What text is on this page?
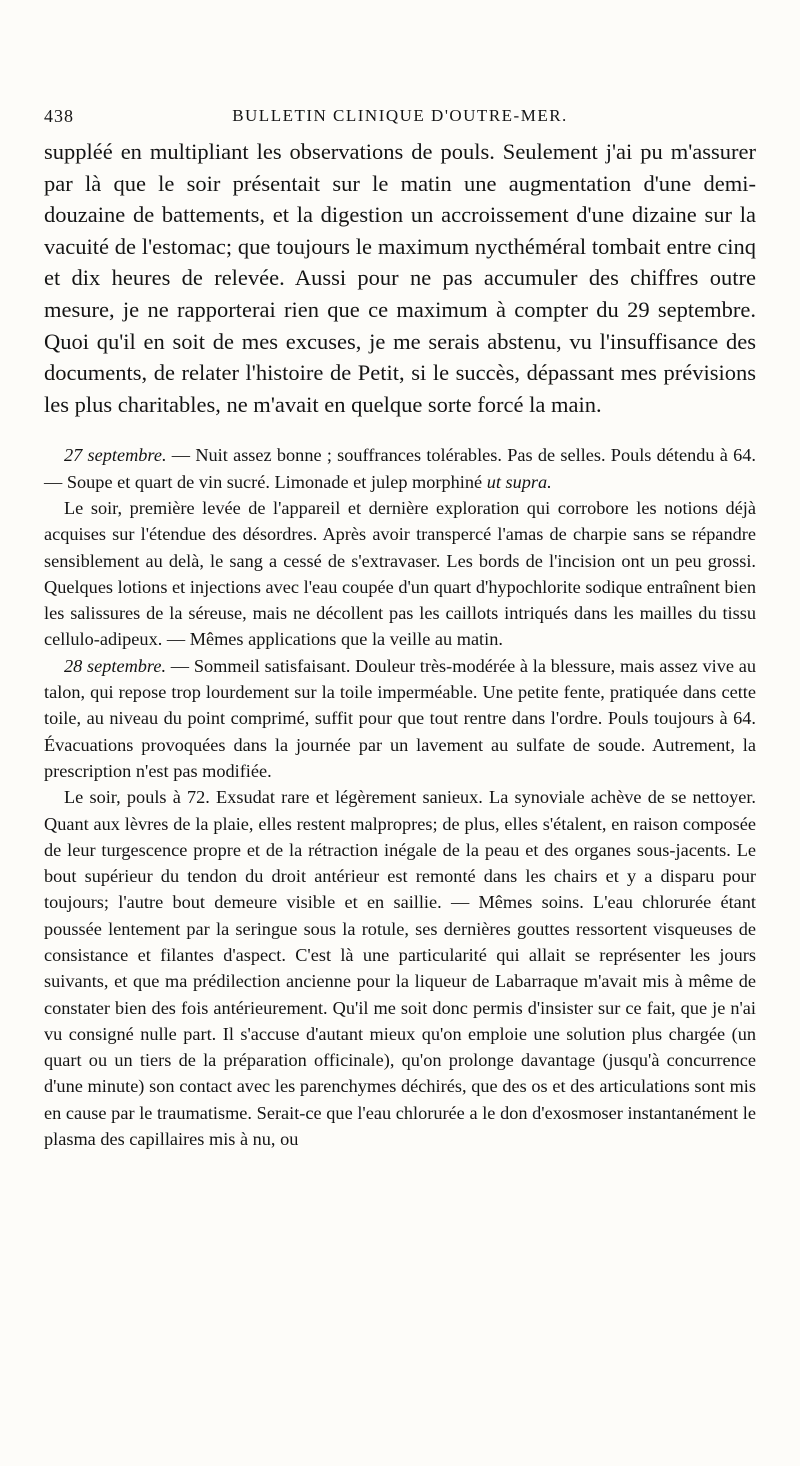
438	BULLETIN CLINIQUE D'OUTRE-MER.

suppléé en multipliant les observations de pouls. Seulement j'ai pu m'assurer par là que le soir présentait sur le matin une augmentation d'une demi-douzaine de battements, et la digestion un accroissement d'une dizaine sur la vacuité de l'estomac; que toujours le maximum nycthéméral tombait entre cinq et dix heures de relevée. Aussi pour ne pas accumuler des chiffres outre mesure, je ne rapporterai rien que ce maximum à compter du 29 septembre. Quoi qu'il en soit de mes excuses, je me serais abstenu, vu l'insuffisance des documents, de relater l'histoire de Petit, si le succès, dépassant mes prévisions les plus charitables, ne m'avait en quelque sorte forcé la main.

27 septembre. — Nuit assez bonne ; souffrances tolérables. Pas de selles. Pouls détendu à 64. — Soupe et quart de vin sucré. Limonade et julep morphiné ut supra.

Le soir, première levée de l'appareil et dernière exploration qui corrobore les notions déjà acquises sur l'étendue des désordres. Après avoir transpercé l'amas de charpie sans se répandre sensiblement au delà, le sang a cessé de s'extravaser. Les bords de l'incision ont un peu grossi. Quelques lotions et injections avec l'eau coupée d'un quart d'hypochlorite sodique entraînent bien les salissures de la séreuse, mais ne décollent pas les caillots intriqués dans les mailles du tissu cellulo-adipeux. — Mêmes applications que la veille au matin.

28 septembre. — Sommeil satisfaisant. Douleur très-modérée à la blessure, mais assez vive au talon, qui repose trop lourdement sur la toile imperméable. Une petite fente, pratiquée dans cette toile, au niveau du point comprimé, suffit pour que tout rentre dans l'ordre. Pouls toujours à 64. Évacuations provoquées dans la journée par un lavement au sulfate de soude. Autrement, la prescription n'est pas modifiée.

Le soir, pouls à 72. Exsudat rare et légèrement sanieux. La synoviale achève de se nettoyer. Quant aux lèvres de la plaie, elles restent malpropres; de plus, elles s'étalent, en raison composée de leur turgescence propre et de la rétraction inégale de la peau et des organes sous-jacents. Le bout supérieur du tendon du droit antérieur est remonté dans les chairs et y a disparu pour toujours; l'autre bout demeure visible et en saillie. — Mêmes soins. L'eau chlorurée étant poussée lentement par la seringue sous la rotule, ses dernières gouttes ressortent visqueuses de consistance et filantes d'aspect. C'est là une particularité qui allait se représenter les jours suivants, et que ma prédilection ancienne pour la liqueur de Labarraque m'avait mis à même de constater bien des fois antérieurement. Qu'il me soit donc permis d'insister sur ce fait, que je n'ai vu consigné nulle part. Il s'accuse d'autant mieux qu'on emploie une solution plus chargée (un quart ou un tiers de la préparation officinale), qu'on prolonge davantage (jusqu'à concurrence d'une minute) son contact avec les parenchymes déchirés, que des os et des articulations sont mis en cause par le traumatisme. Serait-ce que l'eau chlorurée a le don d'exosmoser instantanément le plasma des capillaires mis à nu, ou
